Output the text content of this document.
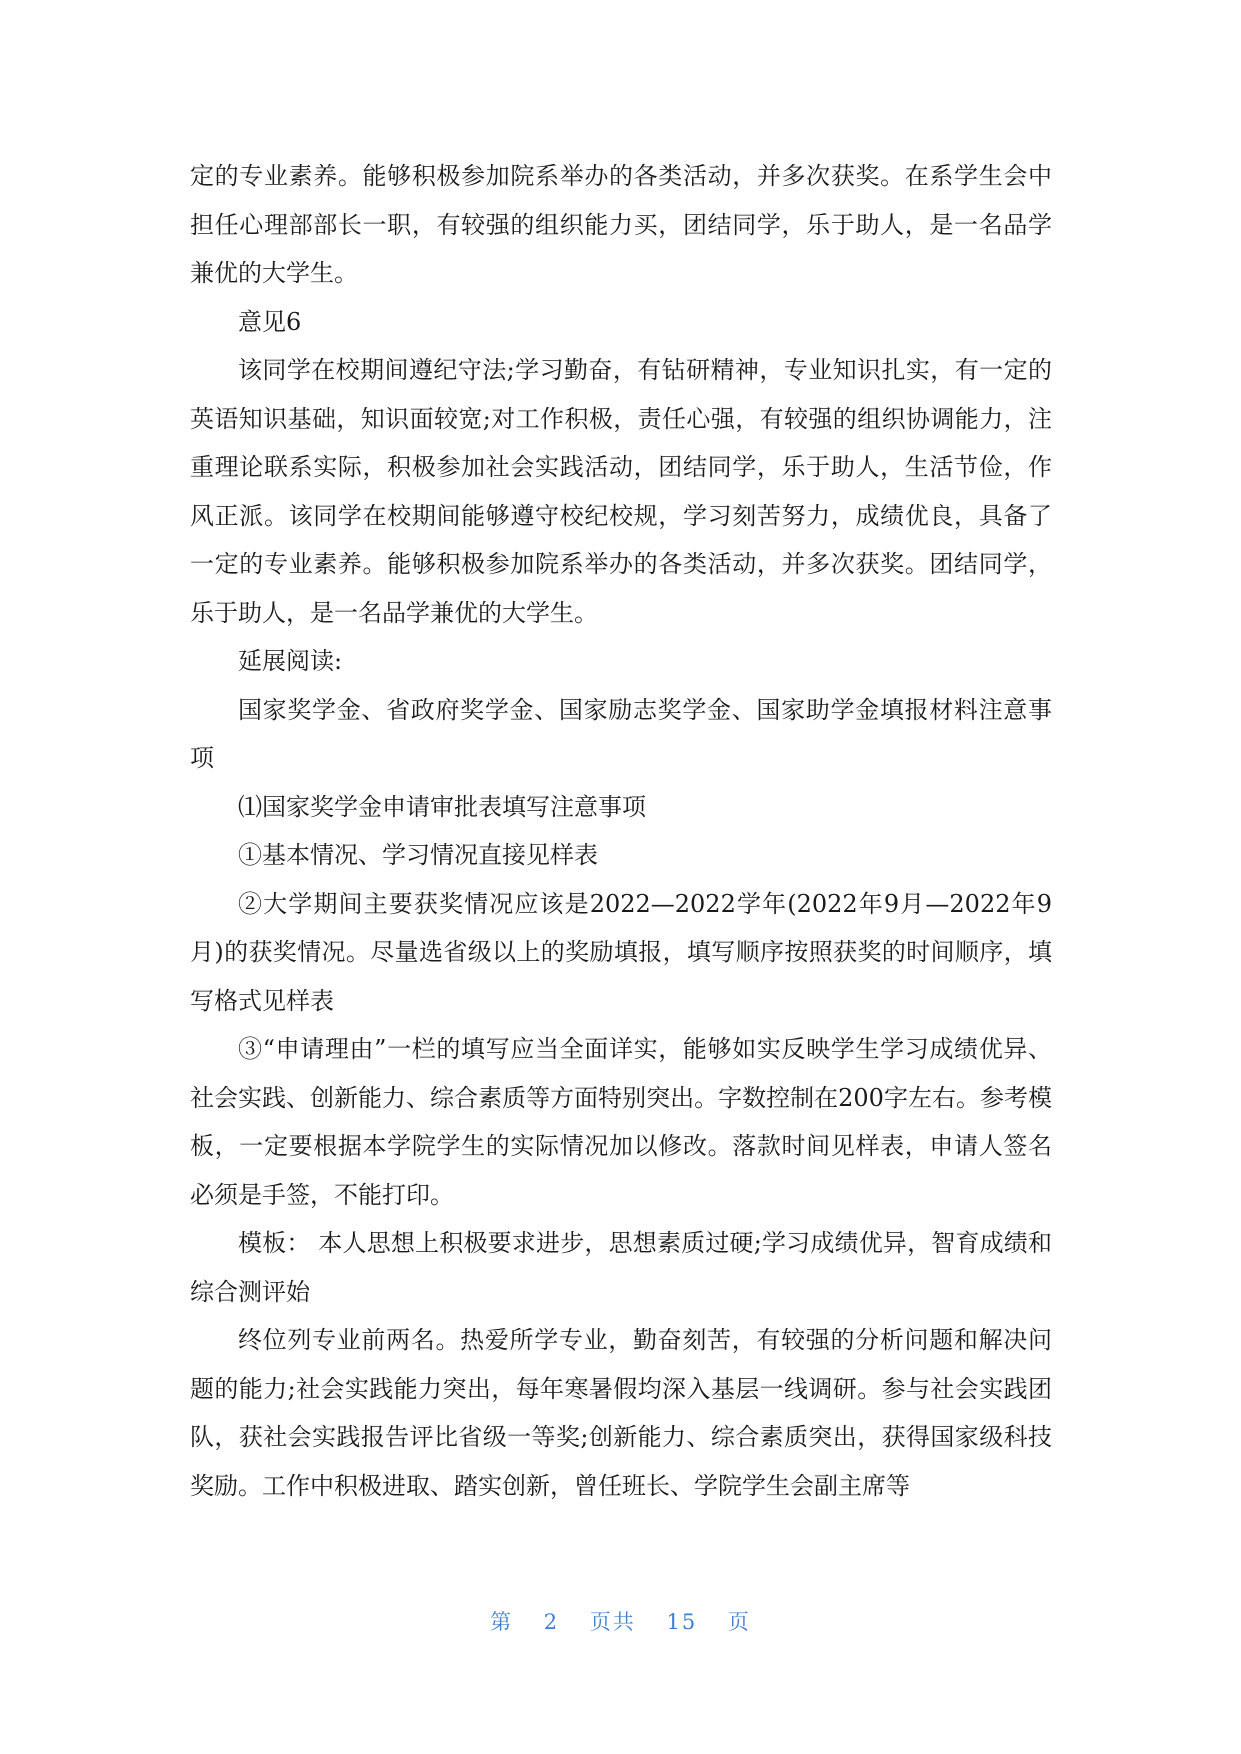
定的专业素养。能够积极参加院系举办的各类活动，并多次获奖。在系学生会中担任心理部部长一职，有较强的组织能力买，团结同学，乐于助人，是一名品学兼优的大学生。

意见6

该同学在校期间遵纪守法;学习勤奋，有钻研精神，专业知识扎实，有一定的英语知识基础，知识面较宽;对工作积极，责任心强，有较强的组织协调能力，注重理论联系实际，积极参加社会实践活动，团结同学，乐于助人，生活节俭，作风正派。该同学在校期间能够遵守校纪校规，学习刻苦努力，成绩优良，具备了一定的专业素养。能够积极参加院系举办的各类活动，并多次获奖。团结同学，乐于助人，是一名品学兼优的大学生。

延展阅读:

国家奖学金、省政府奖学金、国家励志奖学金、国家助学金填报材料注意事项

⑴国家奖学金申请审批表填写注意事项

①基本情况、学习情况直接见样表

②大学期间主要获奖情况应该是2022—2022学年(2022年9月—2022年9月)的获奖情况。尽量选省级以上的奖励填报，填写顺序按照获奖的时间顺序，填写格式见样表

③“申请理由”一栏的填写应当全面详实，能够如实反映学生学习成绩优异、社会实践、创新能力、综合素质等方面特别突出。字数控制在200字左右。参考模板，一定要根据本学院学生的实际情况加以修改。落款时间见样表，申请人签名必须是手签，不能打印。

模板： 本人思想上积极要求进步，思想素质过硬;学习成绩优异，智育成绩和综合测评始

终位列专业前两名。热爱所学专业，勤奋刻苦，有较强的分析问题和解决问题的能力;社会实践能力突出，每年寒暑假均深入基层一线调研。参与社会实践团队，获社会实践报告评比省级一等奖;创新能力、综合素质突出，获得国家级科技奖励。工作中积极进取、踏实创新，曾任班长、学院学生会副主席等

第 2 页共 15 页
